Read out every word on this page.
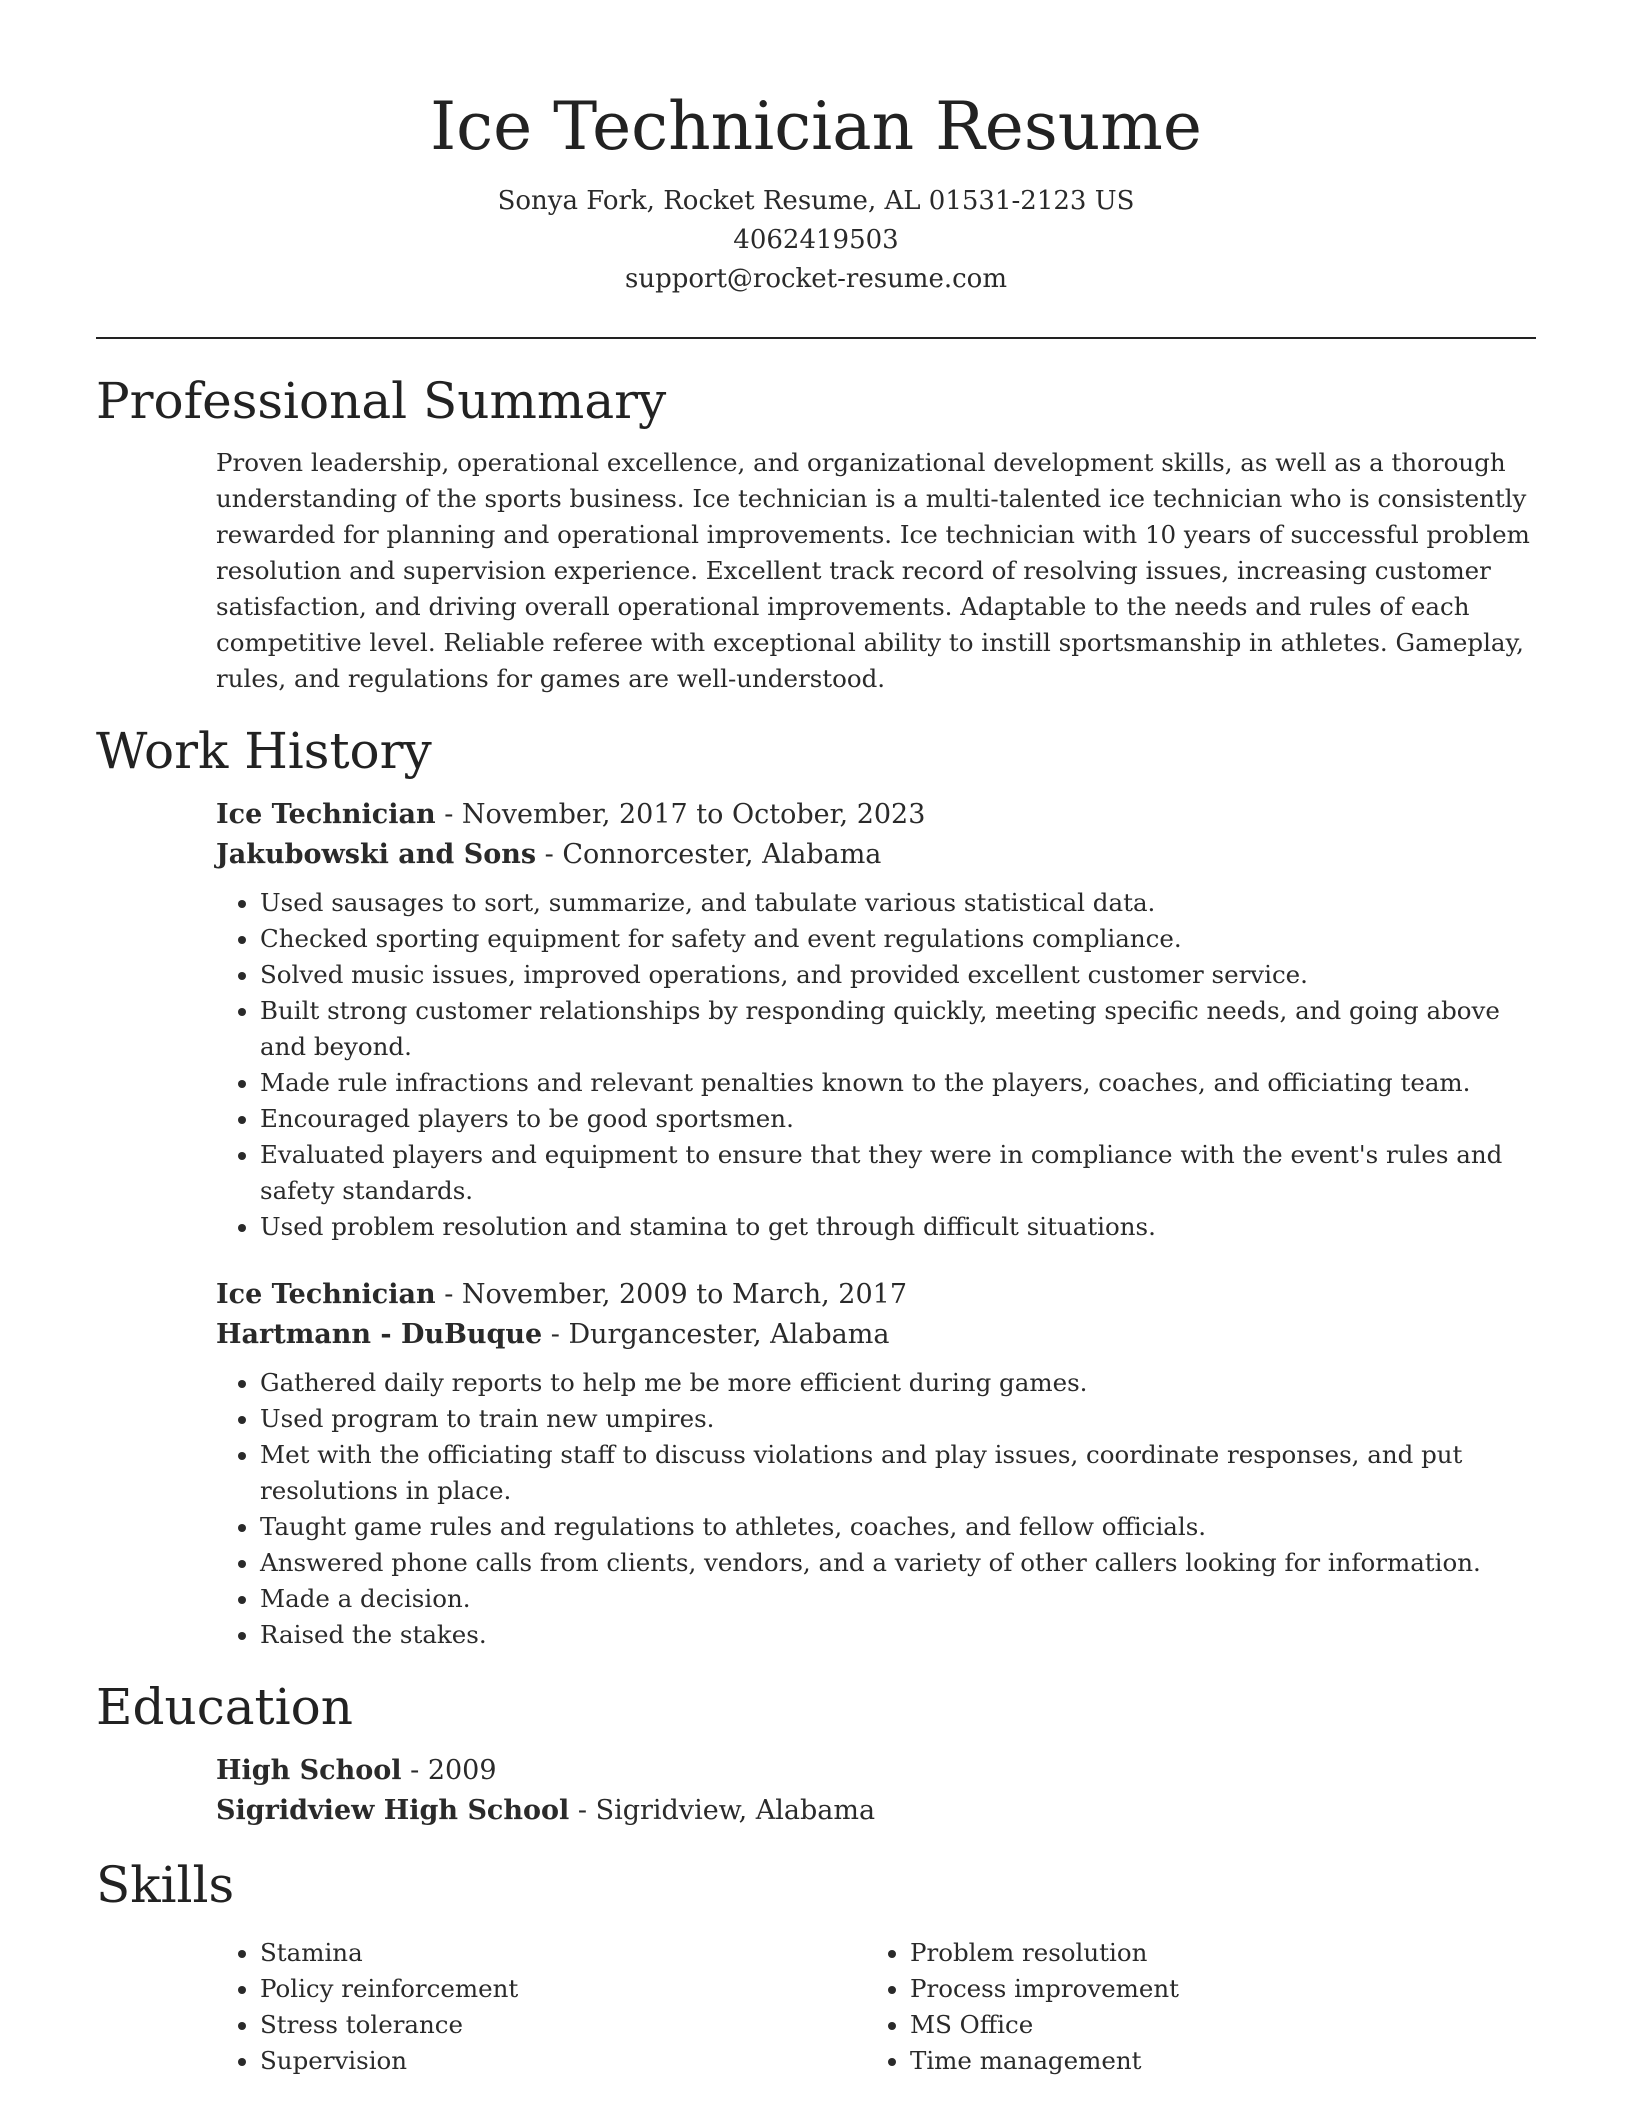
Ice Technician Resume
Sonya Fork, Rocket Resume, AL 01531-2123 US
4062419503
support@rocket-resume.com
Professional Summary

Proven leadership, operational excellence, and organizational development skills, as well as a thorough understanding of the sports business. Ice technician is a multi-talented ice technician who is consistently rewarded for planning and operational improvements. Ice technician with 10 years of successful problem resolution and supervision experience. Excellent track record of resolving issues, increasing customer satisfaction, and driving overall operational improvements. Adaptable to the needs and rules of each competitive level. Reliable referee with exceptional ability to instill sportsmanship in athletes. Gameplay, rules, and regulations for games are well-understood.

Work History
Ice Technician - November, 2017 to October, 2023
Jakubowski and Sons - Connorcester, Alabama
• Used sausages to sort, summarize, and tabulate various statistical data.
• Checked sporting equipment for safety and event regulations compliance.
• Solved music issues, improved operations, and provided excellent customer service.
• Built strong customer relationships by responding quickly, meeting specific needs, and going above and beyond.
• Made rule infractions and relevant penalties known to the players, coaches, and officiating team.
• Encouraged players to be good sportsmen.
• Evaluated players and equipment to ensure that they were in compliance with the event's rules and safety standards.
• Used problem resolution and stamina to get through difficult situations.
Ice Technician - November, 2009 to March, 2017
Hartmann - DuBuque - Durgancester, Alabama
• Gathered daily reports to help me be more efficient during games.
• Used program to train new umpires.
• Met with the officiating staff to discuss violations and play issues, coordinate responses, and put resolutions in place.
• Taught game rules and regulations to athletes, coaches, and fellow officials.
• Answered phone calls from clients, vendors, and a variety of other callers looking for information.
• Made a decision.
• Raised the stakes.
Education
High School - 2009
Sigridview High School - Sigridview, Alabama
Skills
• Stamina
• Policy reinforcement
• Stress tolerance
• Supervision
• Problem resolution
• Process improvement
• MS Office
• Time management
